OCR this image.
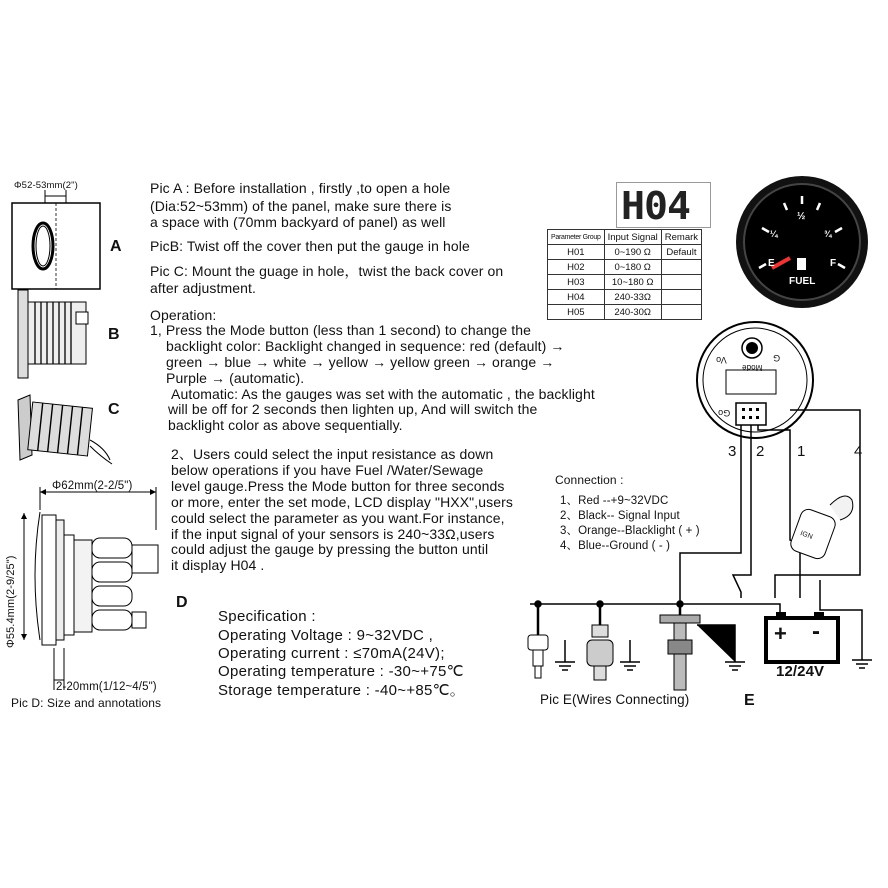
A
B
C
D
E
Φ52-53mm(2")
Φ62mm(2-2/5")
Φ55.4mm(2-9/25")
2-20mm(1/12~4/5")
Pic D: Size and annotations
Pic A : Before installation , firstly ,to open a hole
(Dia:52~53mm) of the panel, make sure there is
a space with (70mm backyard of panel) as well
PicB: Twist off the cover then put the gauge in hole
Pic C: Mount the guage in hole，twist the back cover on
after adjustment.
Operation:
1, Press the Mode button (less than 1 second) to change the
backlight color: Backlight changed in sequence: red (default) →
green → blue → white → yellow → yellow green → orange →
Purple → (automatic).
Automatic: As the gauges was set with the automatic , the backlight
will be off for 2 seconds then lighten up, And will switch the
backlight color as above sequentially.
2、Users could select the input resistance as down
below operations if you have Fuel /Water/Sewage
level gauge.Press the Mode button for three seconds
or more, enter the set mode, LCD display "HXX",users
could select the parameter as you want.For instance,
if the input signal of your sensors is 240~33Ω,users
could adjust the gauge by pressing the button until
it display H04 .
Specification :
Operating Voltage : 9~32VDC ,
Operating current : ≤70mA(24V);
Operating temperature : -30~+75℃
Storage temperature : -40~+85℃。
H04
Parameter Group	Input Signal	Remark
H01	0~190 Ω	Default
H02	0~180 Ω	
H03	10~180 Ω	
H04	240-33Ω	
H05	240-30Ω	
E
¼
½
¾
F
FUEL
Vo
Mode
G
Go
3 2 1	4
Connection :
1、Red --+9~32VDC
2、Black-- Signal Input
3、Orange--Blacklight ( + )
4、Blue--Ground ( - )
IGN
+ -
12/24V
Pic E(Wires Connecting)
